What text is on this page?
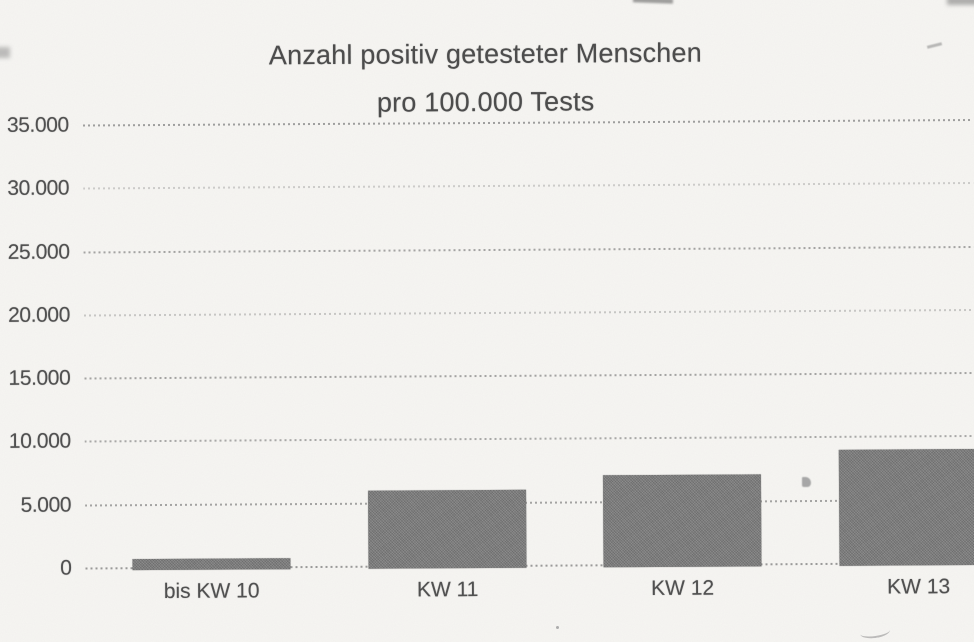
Anzahl positiv getesteter Menschen
pro 100.000 Tests
35.000
30.000
25.000
20.000
15.000
10.000
5.000
0
bis KW 10	KW 11	KW 12	KW 13
